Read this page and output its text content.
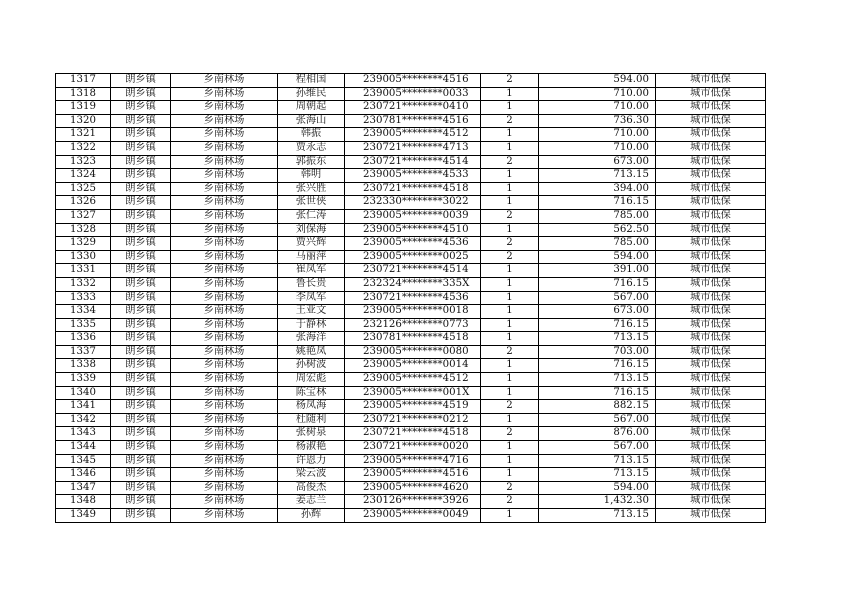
1317	朗乡镇	乡南林场	程相国	239005********4516	2	594.00	城市低保
1318	朗乡镇	乡南林场	孙维民	239005********0033	1	710.00	城市低保
1319	朗乡镇	乡南林场	周朝起	230721********0410	1	710.00	城市低保
1320	朗乡镇	乡南林场	张海山	230781********4516	2	736.30	城市低保
1321	朗乡镇	乡南林场	韩振	239005********4512	1	710.00	城市低保
1322	朗乡镇	乡南林场	贾永志	230721********4713	1	710.00	城市低保
1323	朗乡镇	乡南林场	郭振东	230721********4514	2	673.00	城市低保
1324	朗乡镇	乡南林场	韩明	239005********4533	1	713.15	城市低保
1325	朗乡镇	乡南林场	张兴胜	230721********4518	1	394.00	城市低保
1326	朗乡镇	乡南林场	张世侠	232330********3022	1	716.15	城市低保
1327	朗乡镇	乡南林场	张仁涛	239005********0039	2	785.00	城市低保
1328	朗乡镇	乡南林场	刘保海	239005********4510	1	562.50	城市低保
1329	朗乡镇	乡南林场	贾兴辉	239005********4536	2	785.00	城市低保
1330	朗乡镇	乡南林场	马丽萍	239005********0025	2	594.00	城市低保
1331	朗乡镇	乡南林场	崔凤军	230721********4514	1	391.00	城市低保
1332	朗乡镇	乡南林场	鲁长贵	232324********335X	1	716.15	城市低保
1333	朗乡镇	乡南林场	李凤军	230721********4536	1	567.00	城市低保
1334	朗乡镇	乡南林场	王亚文	239005********0018	1	673.00	城市低保
1335	朗乡镇	乡南林场	于静林	232126********0773	1	716.15	城市低保
1336	朗乡镇	乡南林场	张海洋	230781********4518	1	713.15	城市低保
1337	朗乡镇	乡南林场	姚艳凤	239005********0080	2	703.00	城市低保
1338	朗乡镇	乡南林场	孙树波	239005********0014	1	716.15	城市低保
1339	朗乡镇	乡南林场	周宏彪	239005********4512	1	713.15	城市低保
1340	朗乡镇	乡南林场	陈宝林	239005********001X	1	716.15	城市低保
1341	朗乡镇	乡南林场	杨凤海	239005********4519	2	882.15	城市低保
1342	朗乡镇	乡南林场	杜随利	230721********0212	1	567.00	城市低保
1343	朗乡镇	乡南林场	张树泉	230721********4518	2	876.00	城市低保
1344	朗乡镇	乡南林场	杨淑艳	230721********0020	1	567.00	城市低保
1345	朗乡镇	乡南林场	许恩力	239005********4716	1	713.15	城市低保
1346	朗乡镇	乡南林场	梁云波	239005********4516	1	713.15	城市低保
1347	朗乡镇	乡南林场	高俊杰	239005********4620	2	594.00	城市低保
1348	朗乡镇	乡南林场	姜志兰	230126********3926	2	1,432.30	城市低保
1349	朗乡镇	乡南林场	孙辉	239005********0049	1	713.15	城市低保
